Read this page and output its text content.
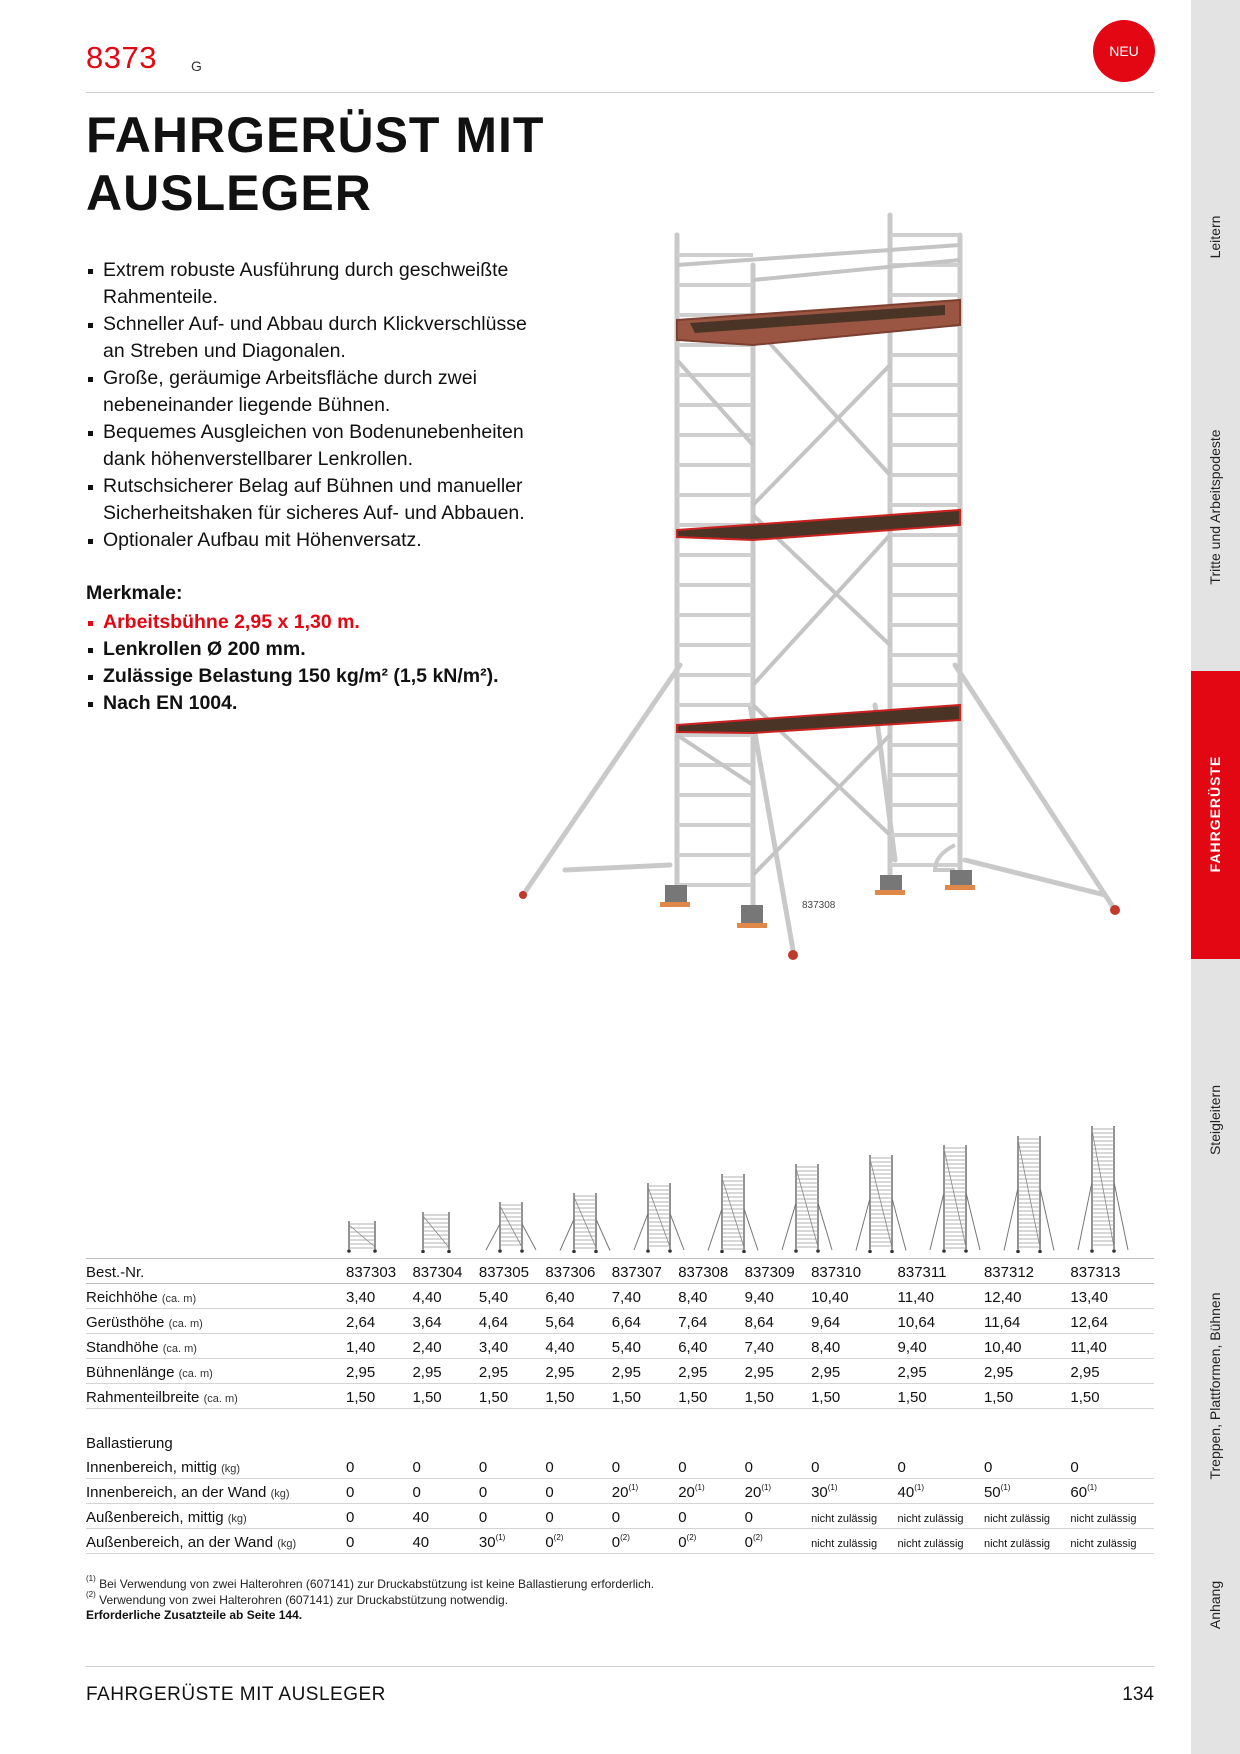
8373 G
NEU
FAHRGERÜST MIT
AUSLEGER
Extrem robuste Ausführung durch geschweißte
Rahmenteile.
Schneller Auf- und Abbau durch Klickverschlüsse
an Streben und Diagonalen.
Große, geräumige Arbeitsfläche durch zwei
nebeneinander liegende Bühnen.
Bequemes Ausgleichen von Bodenunebenheiten
dank höhenverstellbarer Lenkrollen.
Rutschsicherer Belag auf Bühnen und manueller
Sicherheitshaken für sicheres Auf- und Abbauen.
Optionaler Aufbau mit Höhenversatz.
Merkmale:
Arbeitsbühne 2,95 x 1,30 m.
Lenkrollen Ø 200 mm.
Zulässige Belastung 150 kg/m² (1,5 kN/m²).
Nach EN 1004.
837308
Leitern
Tritte und Arbeitspodeste
FAHRGERÜSTE
Steigleitern
Treppen, Plattformen, Bühnen
Anhang
Best.-Nr.	837303	837304	837305	837306	837307	837308	837309	837310	837311	837312	837313
Reichhöhe (ca. m)	3,40	4,40	5,40	6,40	7,40	8,40	9,40	10,40	11,40	12,40	13,40
Gerüsthöhe (ca. m)	2,64	3,64	4,64	5,64	6,64	7,64	8,64	9,64	10,64	11,64	12,64
Standhöhe (ca. m)	1,40	2,40	3,40	4,40	5,40	6,40	7,40	8,40	9,40	10,40	11,40
Bühnenlänge (ca. m)	2,95	2,95	2,95	2,95	2,95	2,95	2,95	2,95	2,95	2,95	2,95
Rahmenteilbreite (ca. m)	1,50	1,50	1,50	1,50	1,50	1,50	1,50	1,50	1,50	1,50	1,50

Ballastierung											
Innenbereich, mittig (kg)	0	0	0	0	0	0	0	0	0	0	0
Innenbereich, an der Wand (kg)	0	0	0	0	20$^{(1)}$	20$^{(1)}$	20$^{(1)}$	30$^{(1)}$	40$^{(1)}$	50$^{(1)}$	60$^{(1)}$
Außenbereich, mittig (kg)	0	40	0	0	0	0	0	nicht zulässig	nicht zulässig	nicht zulässig	nicht zulässig
Außenbereich, an der Wand (kg)	0	40	30$^{(1)}$	0$^{(2)}$	0$^{(2)}$	0$^{(2)}$	0$^{(2)}$	nicht zulässig	nicht zulässig	nicht zulässig	nicht zulässig
$^{(1)}$ Bei Verwendung von zwei Halterohren (607141) zur Druckabstützung ist keine Ballastierung erforderlich.
$^{(2)}$ Verwendung von zwei Halterohren (607141) zur Druckabstützung notwendig.
Erforderliche Zusatzteile ab Seite 144.
FAHRGERÜSTE MIT AUSLEGER	134
